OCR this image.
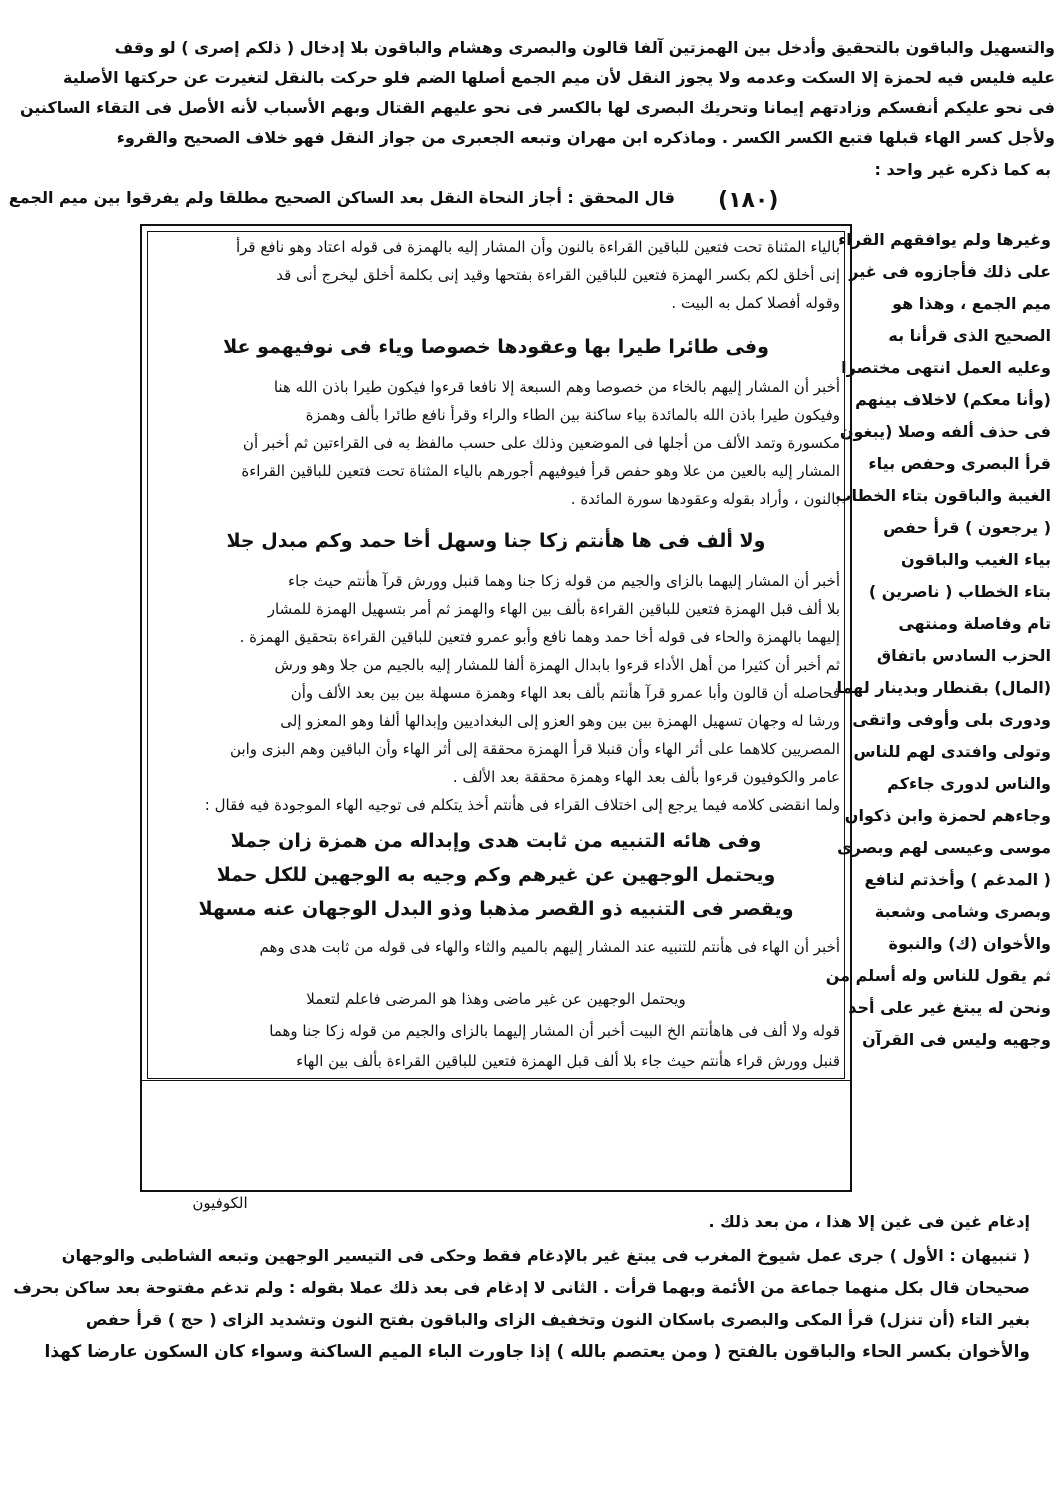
والتسهيل والباقون بالتحقيق وأدخل بين الهمزتين آلفا قالون والبصرى وهشام والباقون بلا إدخال ( ذلكم إصرى ) لو وقف
عليه فليس فيه لحمزة إلا السكت وعدمه ولا يجوز النقل لأن ميم الجمع أصلها الضم فلو حركت بالنقل لتغيرت عن حركتها الأصلية
فى نحو عليكم أنفسكم وزادتهم إيمانا وتحريك البصرى لها بالكسر فى نحو عليهم القتال وبهم الأسباب لأنه الأصل فى التقاء الساكنين
ولأجل كسر الهاء قبلها فتبع الكسر الكسر . وماذكره ابن مهران وتبعه الجعبرى من جواز النقل فهو خلاف الصحيح والقروء
به كما ذكره غير واحد :
قال المحقق : أجاز النحاة النقل بعد الساكن الصحيح مطلقا ولم يفرقوا بين ميم الجمع (١٨٠)
بالياء المثناة تحت فتعين للباقين القراءة بالنون وأن المشار إليه بالهمزة فى قوله اعتاد وهو نافع قرأ
إنى أخلق لكم بكسر الهمزة فتعين للباقين القراءة بفتحها وقيد إنى بكلمة أخلق ليخرج أنى قد
وقوله أفصلا كمل به البيت .
وفى طائرا طيرا بها وعقودها خصوصا وياء فى نوفيهمو علا
أخبر أن المشار إليهم بالخاء من خصوصا وهم السبعة إلا نافعا قرءوا فيكون طيرا باذن الله هنا
وفيكون طيرا باذن الله بالمائدة بياء ساكنة بين الطاء والراء وقرأ نافع طائرا بألف وهمزة
مكسورة وتمد الألف من أجلها فى الموضعين وذلك على حسب مالفظ به فى القراءتين ثم أخبر أن
المشار إليه بالعين من علا وهو حفص قرأ فيوفيهم أجورهم بالياء المثناة تحت فتعين للباقين القراءة
بالنون ، وأراد بقوله وعقودها سورة المائدة .
ولا ألف فى ها هأنتم زكا جنا وسهل أخا حمد وكم مبدل جلا
أخبر أن المشار إليهما بالزاى والجيم من قوله زكا جنا وهما قنبل وورش قرآ هأنتم حيث جاء
بلا ألف قبل الهمزة فتعين للباقين القراءة بألف بين الهاء والهمز ثم أمر بتسهيل الهمزة للمشار
إليهما بالهمزة والحاء فى قوله أخا حمد وهما نافع وأبو عمرو فتعين للباقين القراءة بتحقيق الهمزة .
ثم أخبر أن كثيرا من أهل الأداء قرءوا بابدال الهمزة ألفا للمشار إليه بالجيم من جلا وهو ورش
فحاصله أن قالون وأبا عمرو قرآ هأنتم بألف بعد الهاء وهمزة مسهلة بين بين بعد الألف وأن
ورشا له وجهان تسهيل الهمزة بين بين وهو العزو إلى البغداديين وإبدالها ألفا وهو المعزو إلى
المصريين كلاهما على أثر الهاء وأن قنبلا قرأ الهمزة محققة إلى أثر الهاء وأن الباقين وهم البزى وابن
عامر والكوفيون قرءوا بألف بعد الهاء وهمزة محققة بعد الألف .
ولما انقضى كلامه فيما يرجع إلى اختلاف القراء فى هأنتم أخذ يتكلم فى توجيه الهاء الموجودة فيه فقال :
وفى هائه التنبيه من ثابت هدى وإبداله من همزة زان جملا
ويحتمل الوجهين عن غيرهم وكم وجيه به الوجهين للكل حملا
ويقصر فى التنبيه ذو القصر مذهبا وذو البدل الوجهان عنه مسهلا
أخبر أن الهاء فى هأنتم للتنبيه عند المشار إليهم بالميم والثاء والهاء فى قوله من ثابت هدى وهم
ويحتمل الوجهين عن غير ماضى وهذا هو المرضى فاعلم لتعملا
قوله ولا ألف فى هاهأنتم الخ البيت أخبر أن المشار إليهما بالزاى والجيم من قوله زكا جنا وهما
قنبل وورش قراء هأنتم حيث جاء بلا ألف قبل الهمزة فتعين للباقين القراءة بألف بين الهاء
وغيرها ولم يوافقهم القراء
على ذلك فأجازوه فى غير
ميم الجمع ، وهذا هو
الصحيح الذى قرأنا به
وعليه العمل انتهى مختصرا
(وأنا معكم) لاخلاف بينهم
فى حذف ألفه وصلا (يبغون
قرأ البصرى وحفص بياء
الغيبة والباقون بتاء الخطاب
( يرجعون ) قرأ حفص
بياء الغيب والباقون
بتاء الخطاب ( ناصرين )
تام وفاصلة ومنتهى
الحزب السادس باتفاق
(المال) بقنطار وبدينار لهما
ودورى بلى وأوفى واتقى
وتولى وافتدى لهم للناس
والناس لدورى جاءكم
وجاءهم لحمزة وابن ذكوان
موسى وعيسى لهم وبصرى
( المدغم ) وأخذتم لنافع
وبصرى وشامى وشعبة
والأخوان (ك) والنبوة
ثم يقول للناس وله أسلم من
ونحن له يبتغ غير على أحد
وجهيه وليس فى القرآن
الكوفيون
إدغام غين فى غين إلا هذا ، من بعد ذلك .
( تنبيهان : الأول ) جرى عمل شيوخ المغرب فى يبتغ غير بالإدغام فقط وحكى فى التيسير الوجهين وتبعه الشاطبى والوجهان
صحيحان قال بكل منهما جماعة من الأئمة وبهما قرأت . الثانى لا إدغام فى بعد ذلك عملا بقوله : ولم تدغم مفتوحة بعد ساكن بحرف
بغير التاء (أن تنزل) قرأ المكى والبصرى باسكان النون وتخفيف الزاى والباقون بفتح النون وتشديد الزاى ( حج ) قرأ حفص
والأخوان بكسر الحاء والباقون بالفتح ( ومن يعتصم بالله ) إذا جاورت الباء الميم الساكنة وسواء كان السكون عارضا كهذا
